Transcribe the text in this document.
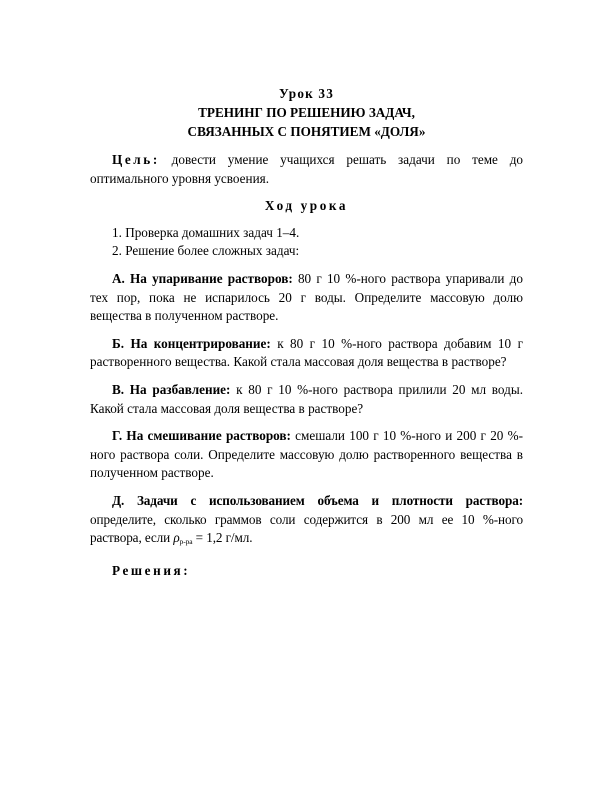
Урок 33
ТРЕНИНГ ПО РЕШЕНИЮ ЗАДАЧ,
СВЯЗАННЫХ С ПОНЯТИЕМ «ДОЛЯ»
Цель: довести умение учащихся решать задачи по теме до оптимального уровня усвоения.
Ход урока
1. Проверка домашних задач 1–4.
2. Решение более сложных задач:
А. На упаривание растворов: 80 г 10 %-ного раствора упаривали до тех пор, пока не испарилось 20 г воды. Определите массовую долю вещества в полученном растворе.
Б. На концентрирование: к 80 г 10 %-ного раствора добавим 10 г растворенного вещества. Какой стала массовая доля вещества в растворе?
В. На разбавление: к 80 г 10 %-ного раствора прилили 20 мл воды. Какой стала массовая доля вещества в растворе?
Г. На смешивание растворов: смешали 100 г 10 %-ного и 200 г 20 %-ного раствора соли. Определите массовую долю растворенного вещества в полученном растворе.
Д. Задачи с использованием объема и плотности раствора: определите, сколько граммов соли содержится в 200 мл ее 10 %-ного раствора, если $\rho_{р-ра} = 1,2$ г/мл.
Решения:
